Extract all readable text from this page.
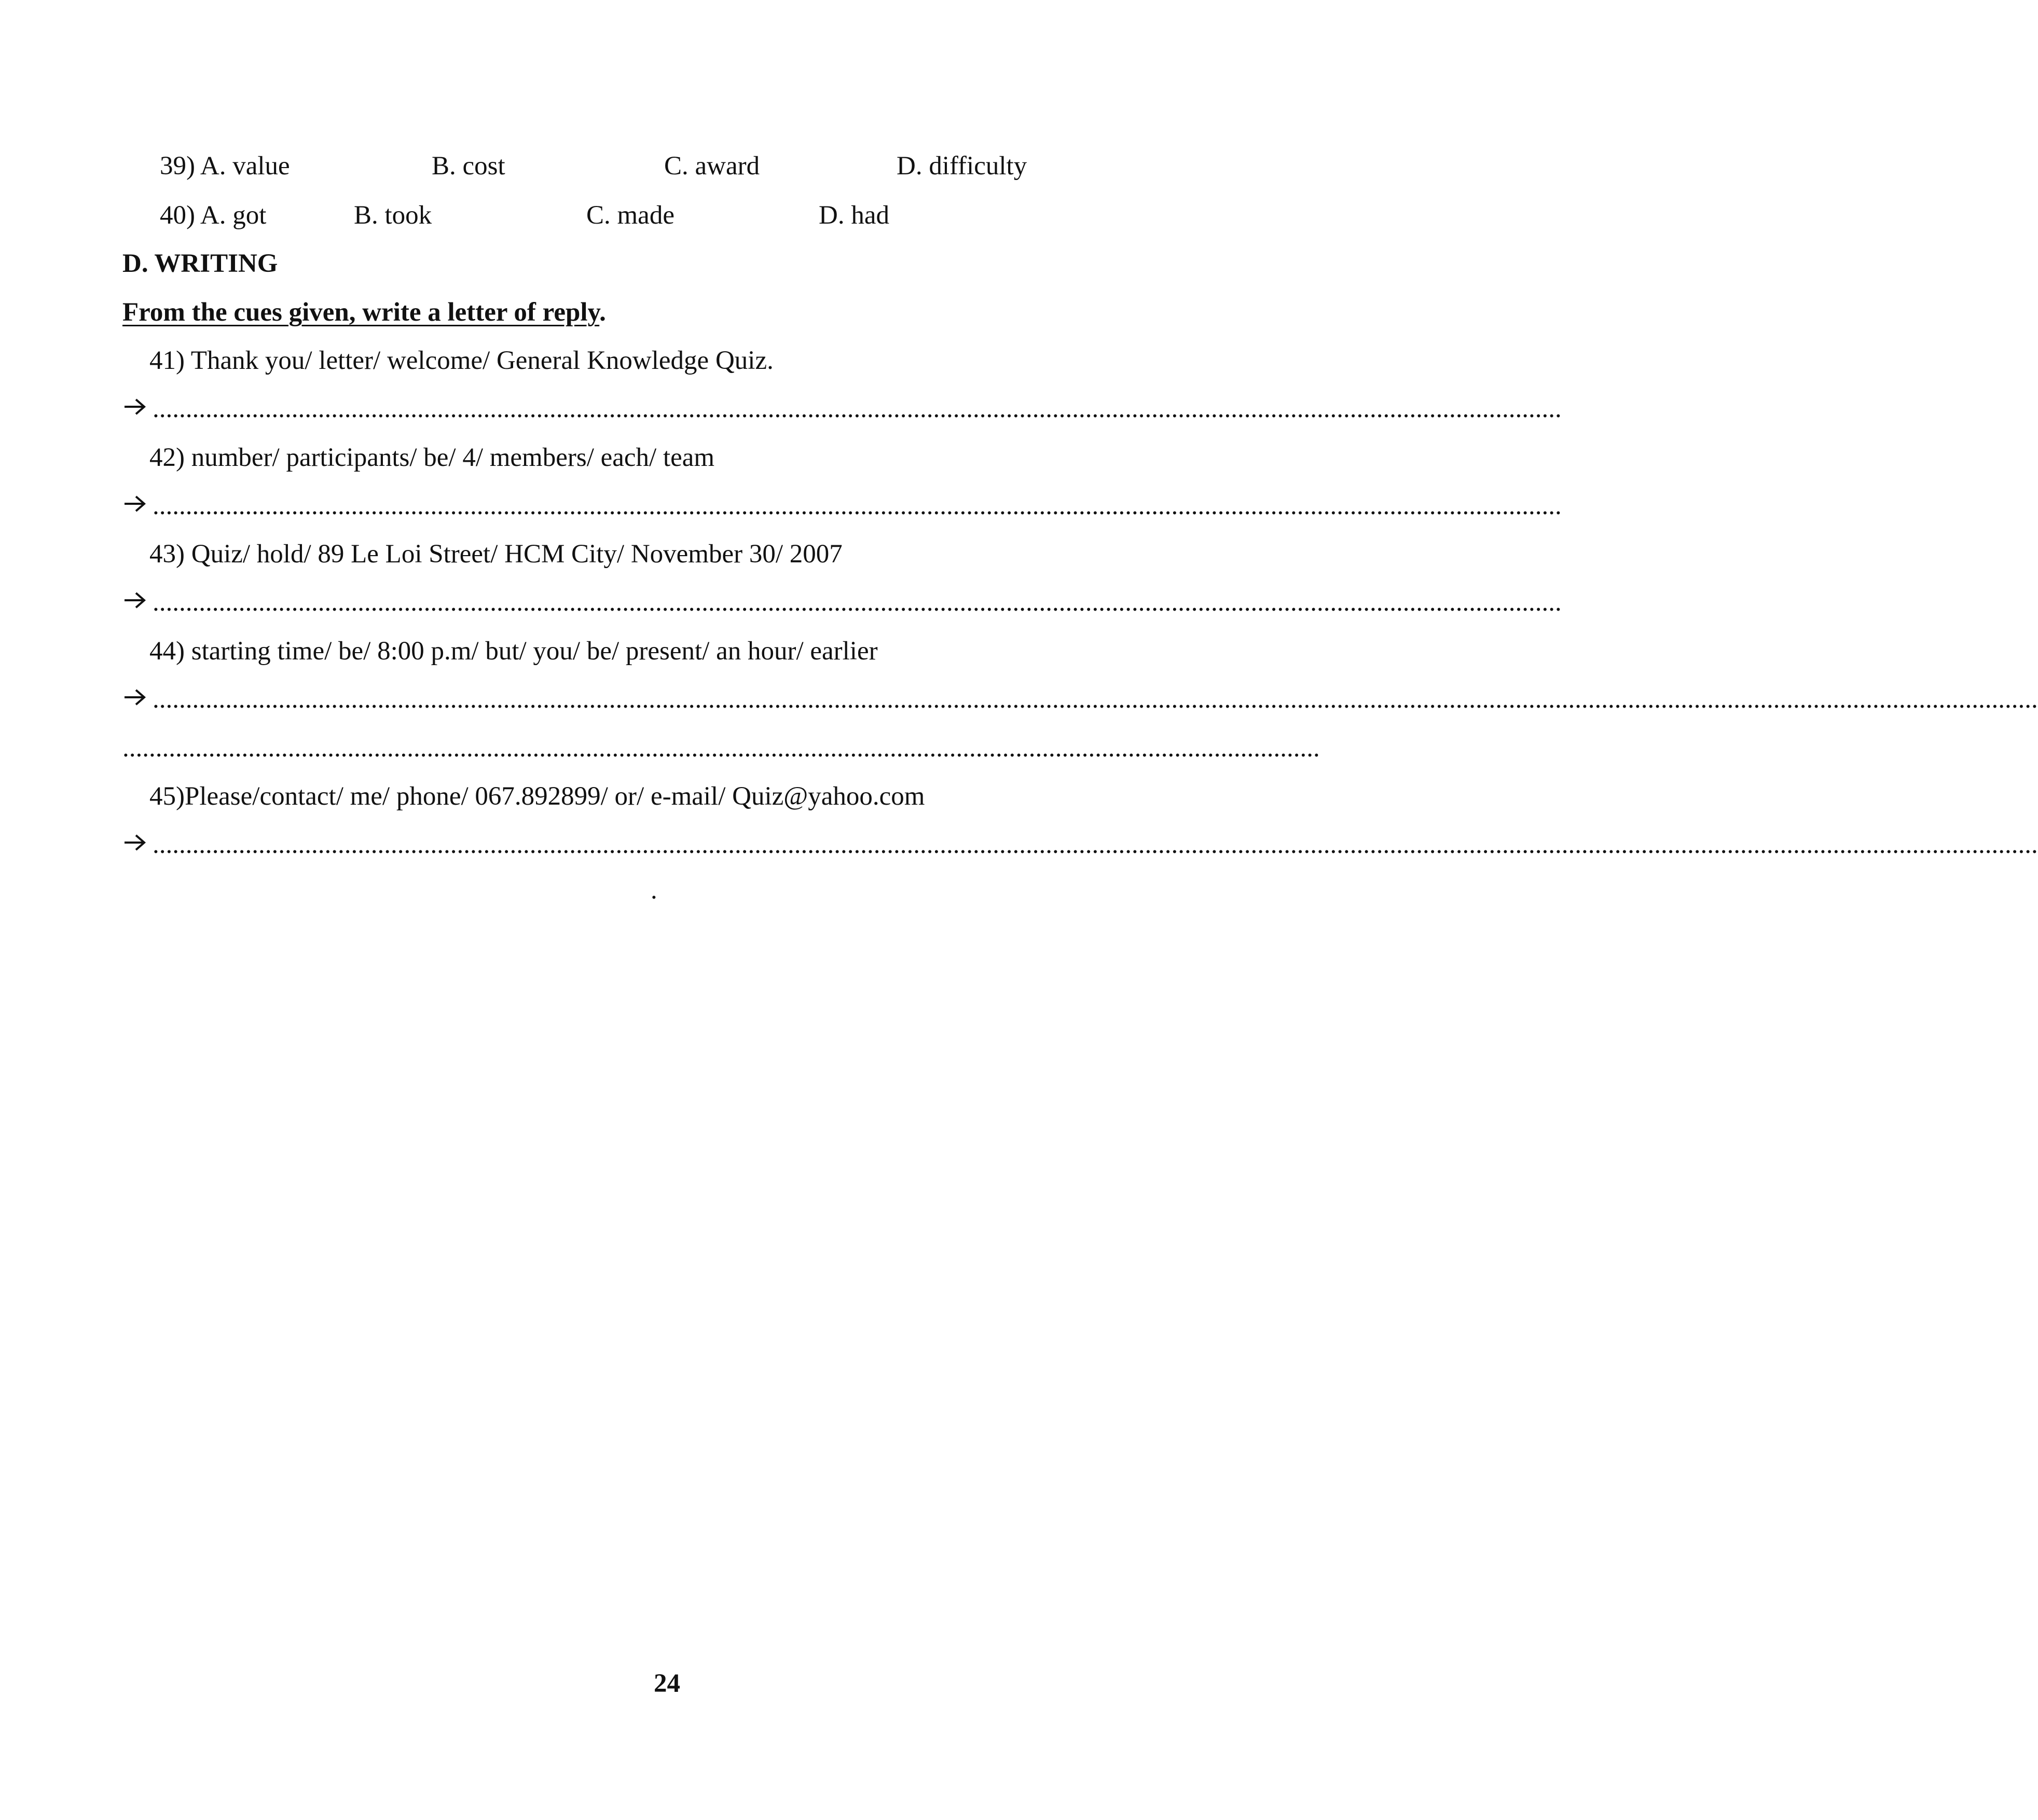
39) A. value	B. cost	C. award	D. difficulty
40) A. got	B. took	C. made	D. had
D. WRITING
From the cues given, write a letter of reply.
41) Thank you/ letter/ welcome/ General Knowledge Quiz.
.....................................................................................................................................................................................................................
42) number/ participants/ be/ 4/ members/ each/ team
.....................................................................................................................................................................................................................
43) Quiz/ hold/ 89 Le Loi Street/ HCM City/ November 30/ 2007
.....................................................................................................................................................................................................................
44) starting time/ be/ 8:00 p.m/ but/ you/ be/ present/ an hour/ earlier
.............................................................................................................................................................................................................................................................................................
.....................................................................................................................................................................................
45)Please/contact/ me/ phone/ 067.892899/ or/ e-mail/ Quiz@yahoo.com
.............................................................................................................................................................................................................................................................................................
.
24
